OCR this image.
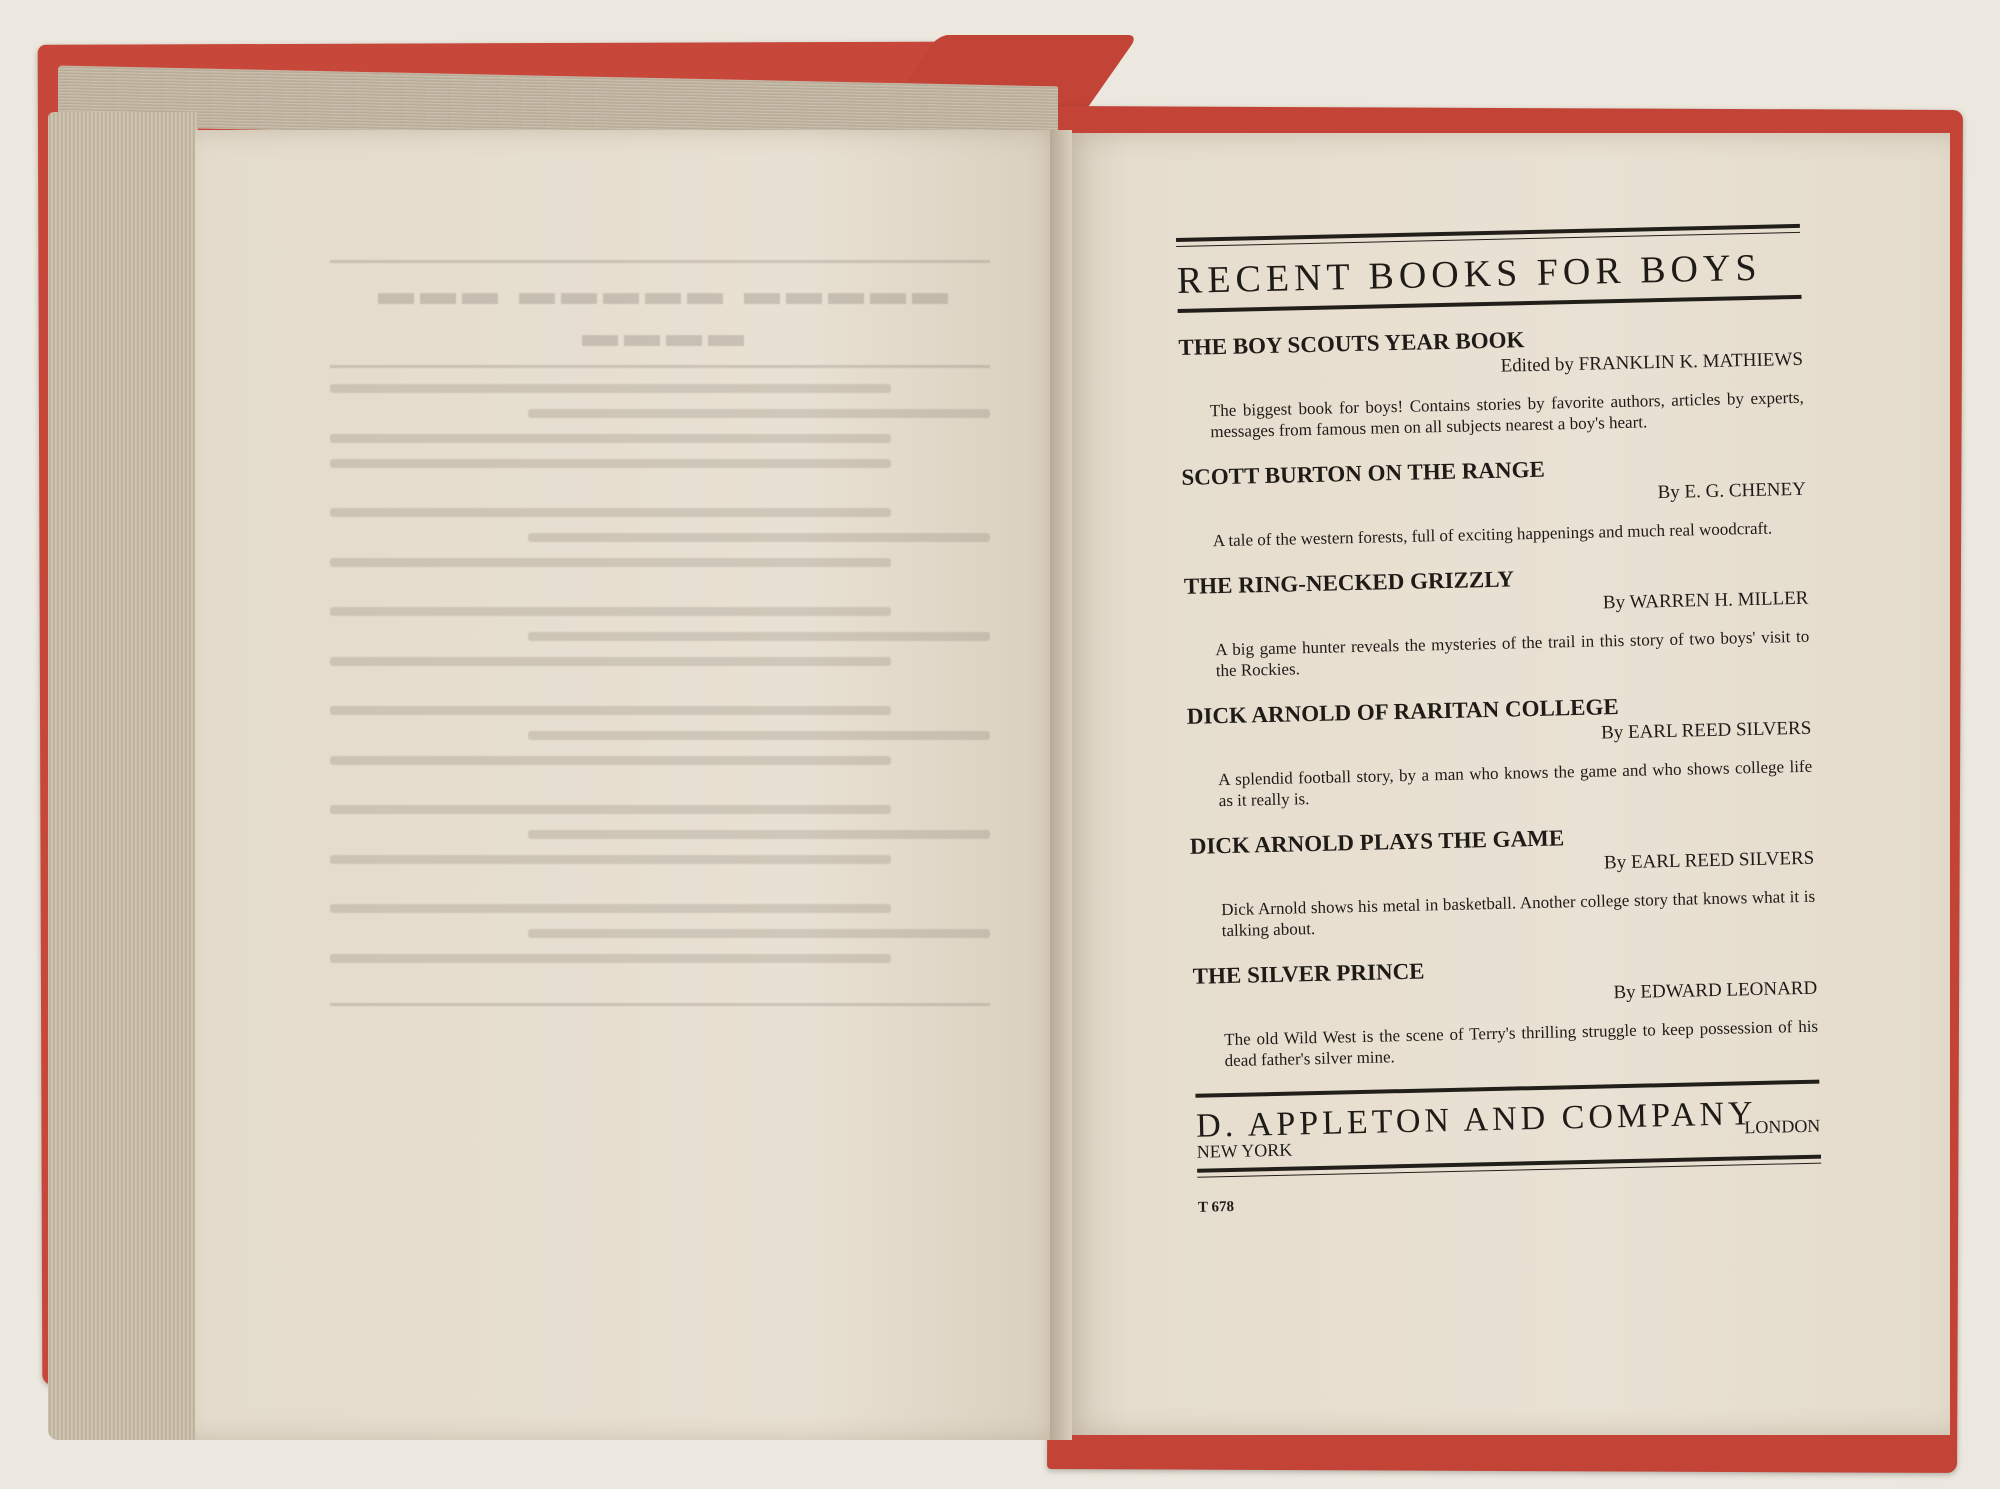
▬▬▬▬▬ ▬▬▬▬▬ ▬▬▬ ▬▬▬▬
RECENT BOOKS FOR BOYS
THE BOY SCOUTS YEAR BOOK
Edited by FRANKLIN K. MATHIEWS
The biggest book for boys! Contains stories by favorite authors, articles by experts, messages from famous men on all subjects nearest a boy's heart.
SCOTT BURTON ON THE RANGE
By E. G. CHENEY
A tale of the western forests, full of exciting happenings and much real woodcraft.
THE RING-NECKED GRIZZLY
By WARREN H. MILLER
A big game hunter reveals the mysteries of the trail in this story of two boys' visit to the Rockies.
DICK ARNOLD OF RARITAN COLLEGE
By EARL REED SILVERS
A splendid football story, by a man who knows the game and who shows college life as it really is.
DICK ARNOLD PLAYS THE GAME
By EARL REED SILVERS
Dick Arnold shows his metal in basketball. Another college story that knows what it is talking about.
THE SILVER PRINCE
By EDWARD LEONARD
The old Wild West is the scene of Terry's thrilling struggle to keep possession of his dead father's silver mine.
D. APPLETON AND COMPANY
NEW YORK
LONDON
T 678
